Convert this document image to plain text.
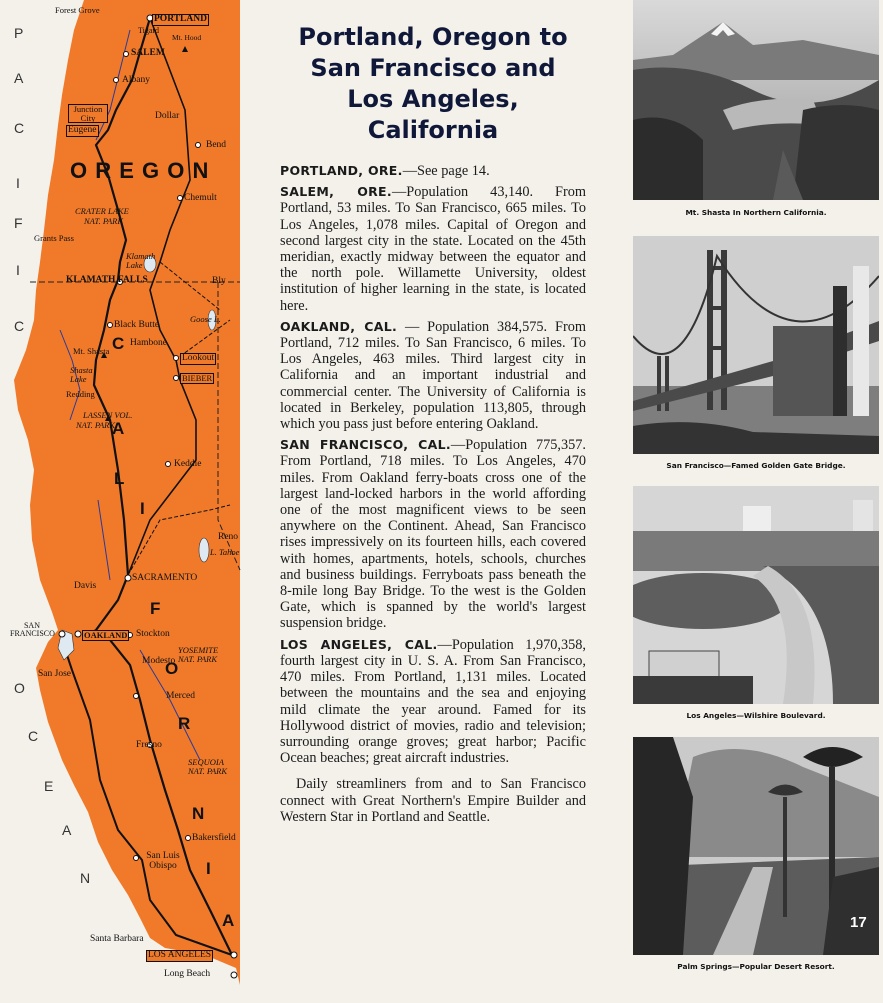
P
A
C
I
F
I
C
O
C
E
A
N
O R E G O N
C
A
L
I
F
O
R
N
I
A
Forest Grove
PORTLAND
Tigard
Mt. Hood
SALEM
Albany
Junction City	Dollar
Eugene
Bend
Chemult
CRATER LAKE
NAT. PARK
Grants Pass
Klamath Lake
Bly
KLAMATH FALLS
Goose L.
Black Butte
Hambone
Mt. Shasta
Lookout
BIEBER
Shasta Lake
Redding
LASSEN VOL.
NAT. PARK
Keddie
Reno
L. Tahoe
SACRAMENTO
Davis
SAN FRANCISCO	OAKLAND Stockton
San Jose
Modesto
YOSEMITE NAT. PARK
Merced
Fresno
SEQUOIA NAT. PARK
Bakersfield
San Luis Obispo
Santa Barbara
LOS ANGELES
Long Beach
Portland, Oregon to
San Francisco and
Los Angeles,
California

PORTLAND, ORE.—See page 14.

SALEM, ORE.—Population 43,140. From Portland, 53 miles. To San Francisco, 665 miles. To Los Angeles, 1,078 miles. Capital of Oregon and second largest city in the state. Located on the 45th meridian, exactly midway between the equator and the north pole. Willamette University, oldest institution of higher learning in the state, is located here.

OAKLAND, CAL. — Population 384,575. From Portland, 712 miles. To San Francisco, 6 miles. To Los Angeles, 463 miles. Third largest city in California and an important industrial and commercial center. The University of California is located in Berkeley, population 113,805, through which you pass just before entering Oakland.

SAN FRANCISCO, CAL.—Population 775,357. From Portland, 718 miles. To Los Angeles, 470 miles. From Oakland ferry-boats cross one of the largest land-locked harbors in the world affording one of the most magnificent views to be seen anywhere on the Continent. Ahead, San Francisco rises impressively on its fourteen hills, each covered with homes, apartments, hotels, schools, churches and business buildings. Ferryboats pass beneath the 8-mile long Bay Bridge. To the west is the Golden Gate, which is spanned by the world's largest suspension bridge.

LOS ANGELES, CAL.—Population 1,970,358, fourth largest city in U. S. A. From San Francisco, 470 miles. From Portland, 1,131 miles. Located between the mountains and the sea and enjoying mild climate the year around. Famed for its Hollywood district of movies, radio and television; surrounding orange groves; great harbor; Pacific Ocean beaches; great aircraft industries.

Daily streamliners from and to San Francisco connect with Great Northern's Empire Builder and Western Star in Portland and Seattle.

Mt. Shasta In Northern California.
San Francisco—Famed Golden Gate Bridge.
Los Angeles—Wilshire Boulevard.
Palm Springs—Popular Desert Resort.
17
